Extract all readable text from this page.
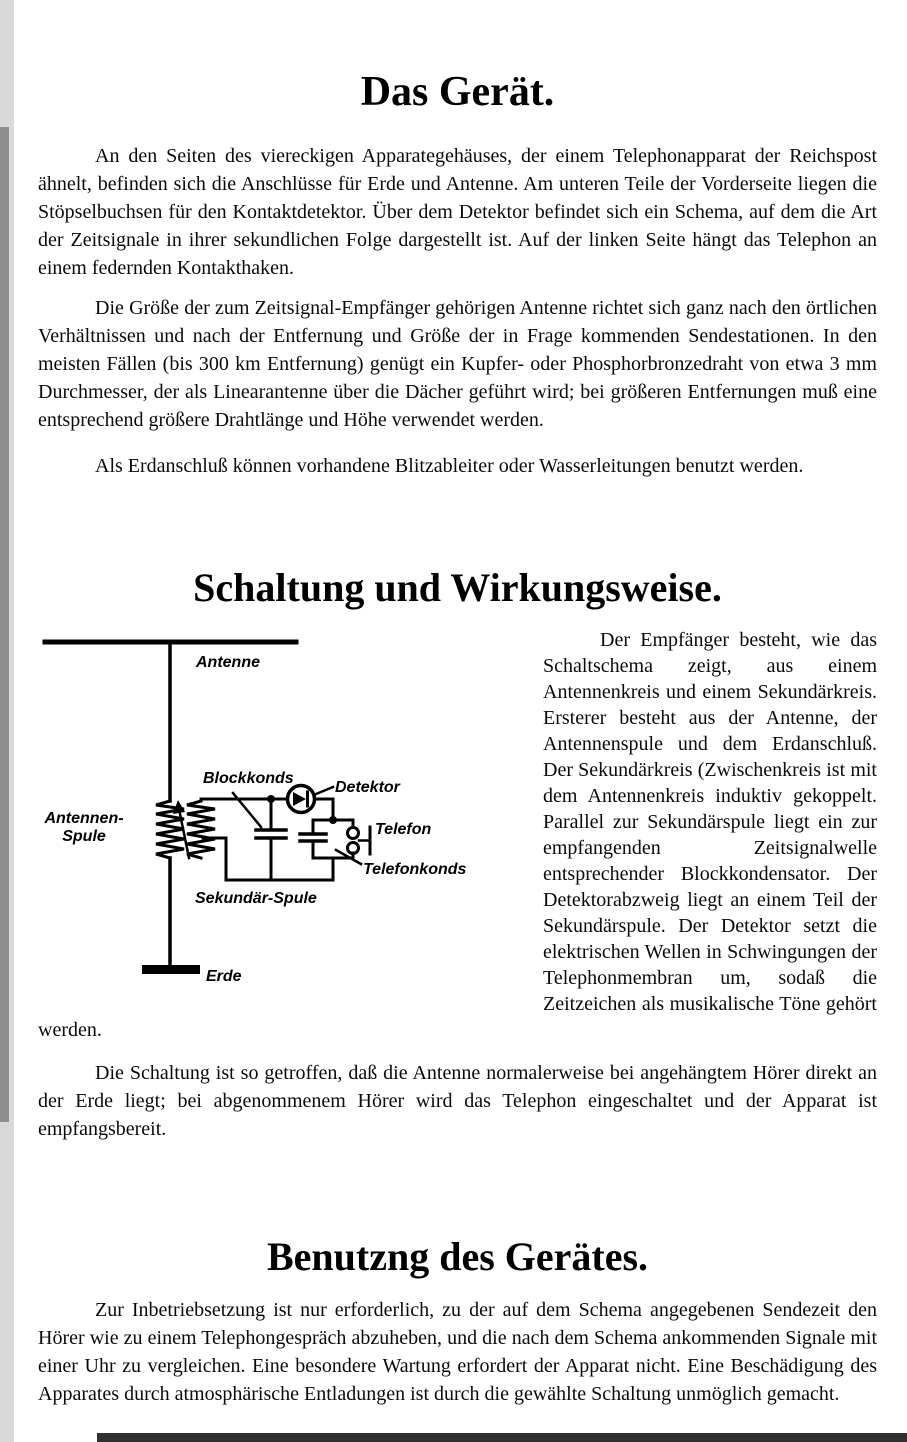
Das Gerät.

An den Seiten des viereckigen Apparategehäuses, der einem Telephonapparat der Reichspost ähnelt, befinden sich die Anschlüsse für Erde und Antenne. Am unteren Teile der Vorderseite liegen die Stöpselbuchsen für den Kontaktdetektor. Über dem Detektor befindet sich ein Schema, auf dem die Art der Zeitsignale in ihrer sekundlichen Folge dargestellt ist. Auf der linken Seite hängt das Telephon an einem federnden Kontakthaken.

Die Größe der zum Zeitsignal-Empfänger gehörigen Antenne richtet sich ganz nach den örtlichen Verhältnissen und nach der Entfernung und Größe der in Frage kommenden Sendestationen. In den meisten Fällen (bis 300 km Entfernung) genügt ein Kupfer- oder Phosphorbronzedraht von etwa 3 mm Durchmesser, der als Linearantenne über die Dächer geführt wird; bei größeren Entfernungen muß eine entsprechend größere Drahtlänge und Höhe verwendet werden.

Als Erdanschluß können vorhandene Blitzableiter oder Wasserleitungen benutzt werden.

Schaltung und Wirkungsweise.
Antenne
Blockkonds
Detektor
Antennen-
Spule	Telefon
Telefonkonds
Sekundär-Spule
Erde

Der Empfänger besteht, wie das Schaltschema zeigt, aus einem Antennenkreis und einem Sekundärkreis. Ersterer besteht aus der Antenne, der Antennenspule und dem Erdanschluß. Der Sekundärkreis (Zwischenkreis ist mit dem Antennenkreis induktiv gekoppelt. Parallel zur Sekundärspule liegt ein zur empfangenden Zeitsignalwelle entsprechender Blockkondensator. Der Detektorabzweig liegt an einem Teil der Sekundärspule. Der Detektor setzt die elektrischen Wellen in Schwingungen der Telephonmembran um, sodaß die Zeitzeichen als musikalische Töne gehört werden.

Die Schaltung ist so getroffen, daß die Antenne normalerweise bei angehängtem Hörer direkt an der Erde liegt; bei abgenommenem Hörer wird das Telephon eingeschaltet und der Apparat ist empfangsbereit.

Benutzng des Gerätes.

Zur Inbetriebsetzung ist nur erforderlich, zu der auf dem Schema angegebenen Sendezeit den Hörer wie zu einem Telephongespräch abzuheben, und die nach dem Schema ankommenden Signale mit einer Uhr zu vergleichen. Eine besondere Wartung erfordert der Apparat nicht. Eine Beschädigung des Apparates durch atmosphärische Entladungen ist durch die gewählte Schaltung unmöglich gemacht.
